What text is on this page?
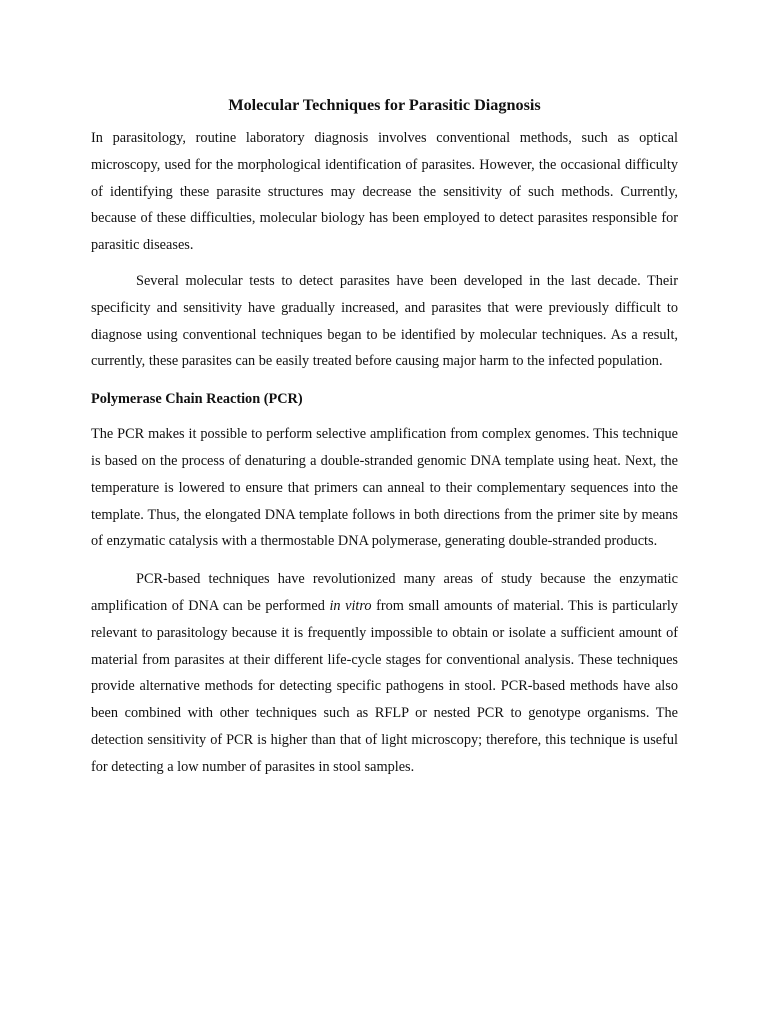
Molecular Techniques for Parasitic Diagnosis

In parasitology, routine laboratory diagnosis involves conventional methods, such as optical microscopy, used for the morphological identification of parasites. However, the occasional difficulty of identifying these parasite structures may decrease the sensitivity of such methods. Currently, because of these difficulties, molecular biology has been employed to detect parasites responsible for parasitic diseases.

Several molecular tests to detect parasites have been developed in the last decade. Their specificity and sensitivity have gradually increased, and parasites that were previously difficult to diagnose using conventional techniques began to be identified by molecular techniques. As a result, currently, these parasites can be easily treated before causing major harm to the infected population.

Polymerase Chain Reaction (PCR)

The PCR makes it possible to perform selective amplification from complex genomes. This technique is based on the process of denaturing a double-stranded genomic DNA template using heat. Next, the temperature is lowered to ensure that primers can anneal to their complementary sequences into the template. Thus, the elongated DNA template follows in both directions from the primer site by means of enzymatic catalysis with a thermostable DNA polymerase, generating double-stranded products.

PCR-based techniques have revolutionized many areas of study because the enzymatic amplification of DNA can be performed in vitro from small amounts of material. This is particularly relevant to parasitology because it is frequently impossible to obtain or isolate a sufficient amount of material from parasites at their different life-cycle stages for conventional analysis. These techniques provide alternative methods for detecting specific pathogens in stool. PCR-based methods have also been combined with other techniques such as RFLP or nested PCR to genotype organisms. The detection sensitivity of PCR is higher than that of light microscopy; therefore, this technique is useful for detecting a low number of parasites in stool samples.
